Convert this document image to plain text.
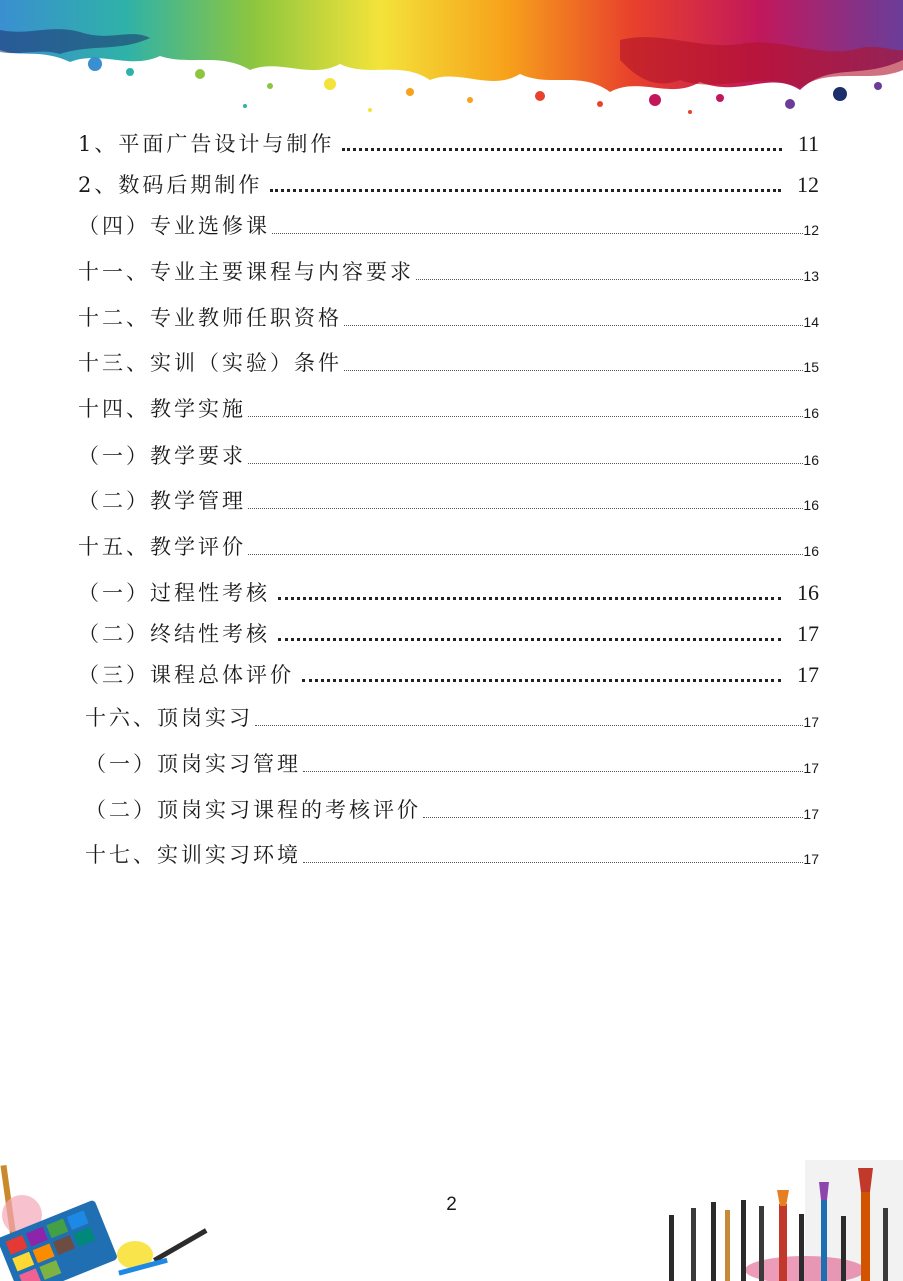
1、平面广告设计与制作	11
2、数码后期制作	12
（四）专业选修课	12
十一、专业主要课程与内容要求	13
十二、专业教师任职资格	14
十三、实训（实验）条件	15
十四、教学实施	16
（一）教学要求	16
（二）教学管理	16
十五、教学评价	16
（一）过程性考核	16
（二）终结性考核	17
（三）课程总体评价	17
十六、顶岗实习	17
（一）顶岗实习管理	17
（二）顶岗实习课程的考核评价	17
十七、实训实习环境	17
2
